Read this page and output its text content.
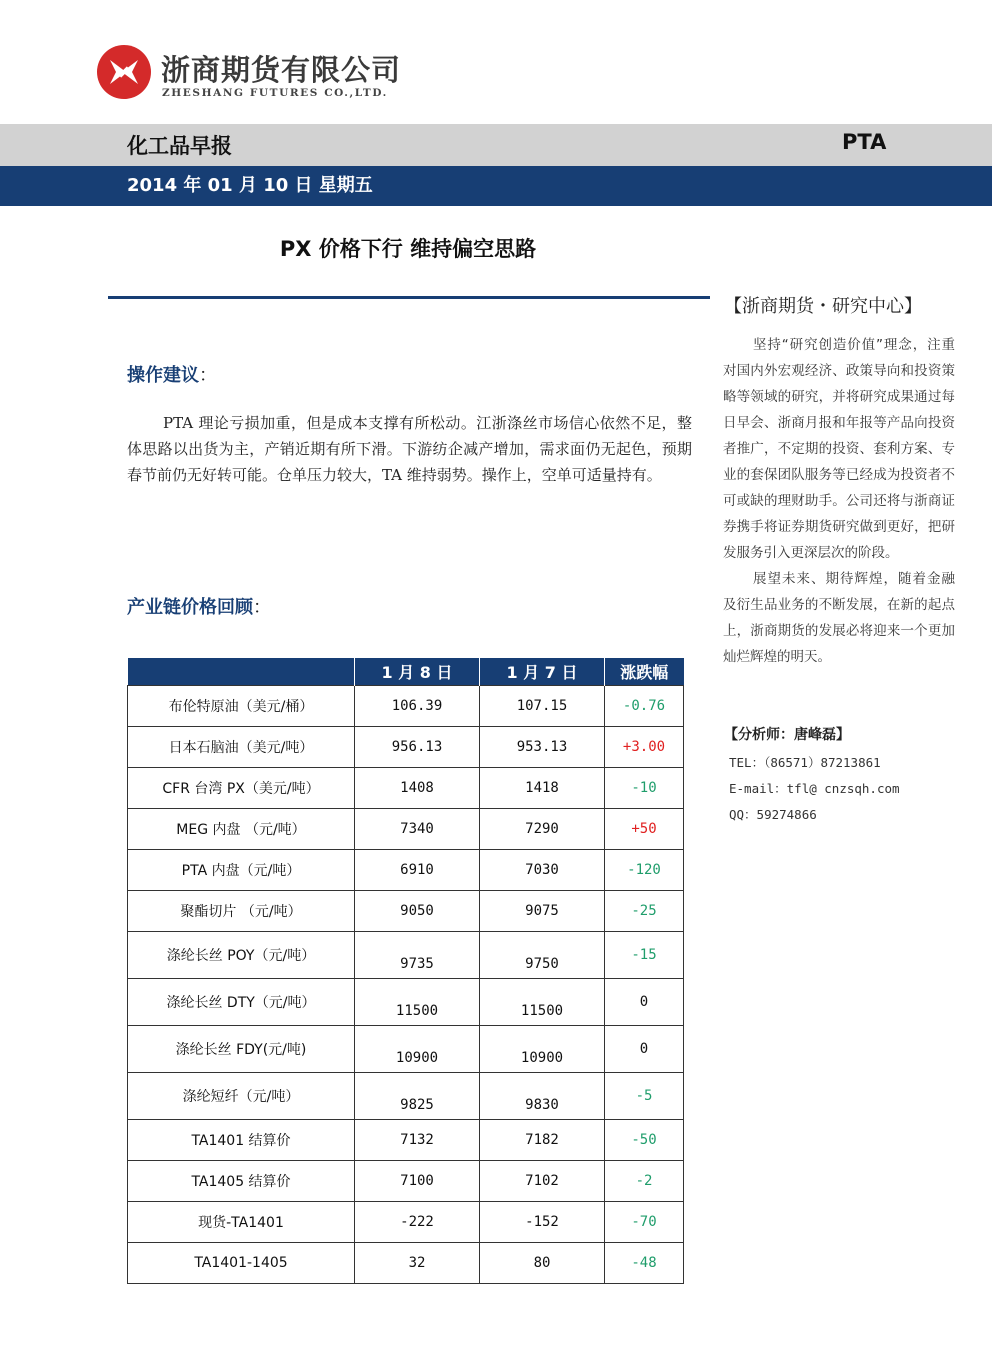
浙商期货有限公司
ZHESHANG FUTURES CO.,LTD.
化工品早报	PTA
2014 年 01 月 10 日 星期五
PX 价格下行 维持偏空思路
操作建议：

PTA 理论亏损加重，但是成本支撑有所松动。江浙涤丝市场信心依然不足，整体思路以出货为主，产销近期有所下滑。下游纺企减产增加，需求面仍无起色，预期春节前仍无好转可能。仓单压力较大，TA 维持弱势。操作上，空单可适量持有。

产业链价格回顾：
	1 月 8 日	1 月 7 日	涨跌幅
布伦特原油（美元/桶）	106.39	107.15	-0.76
日本石脑油（美元/吨）	956.13	953.13	+3.00
CFR 台湾 PX（美元/吨）	1408	1418	-10
MEG 内盘 （元/吨）	7340	7290	+50
PTA 内盘（元/吨）	6910	7030	-120
聚酯切片 （元/吨）	9050	9075	-25
涤纶长丝 POY（元/吨）	9735	9750	-15
涤纶长丝 DTY（元/吨）	11500	11500	0
涤纶长丝 FDY(元/吨)	10900	10900	0
涤纶短纤（元/吨）	9825	9830	-5
TA1401 结算价	7132	7182	-50
TA1405 结算价	7100	7102	-2
现货-TA1401	-222	-152	-70
TA1401-1405	32	80	-48
【浙商期货・研究中心】

坚持“研究创造价值”理念，注重对国内外宏观经济、政策导向和投资策略等领域的研究，并将研究成果通过每日早会、浙商月报和年报等产品向投资者推广，不定期的投资、套利方案、专业的套保团队服务等已经成为投资者不可或缺的理财助手。公司还将与浙商证券携手将证券期货研究做到更好，把研发服务引入更深层次的阶段。

展望未来、期待辉煌，随着金融及衍生品业务的不断发展，在新的起点上，浙商期货的发展必将迎来一个更加灿烂辉煌的明天。

【分析师：唐峰磊】
TEL：（86571）87213861
E-mail：tfl@ cnzsqh.com
QQ：59274866
